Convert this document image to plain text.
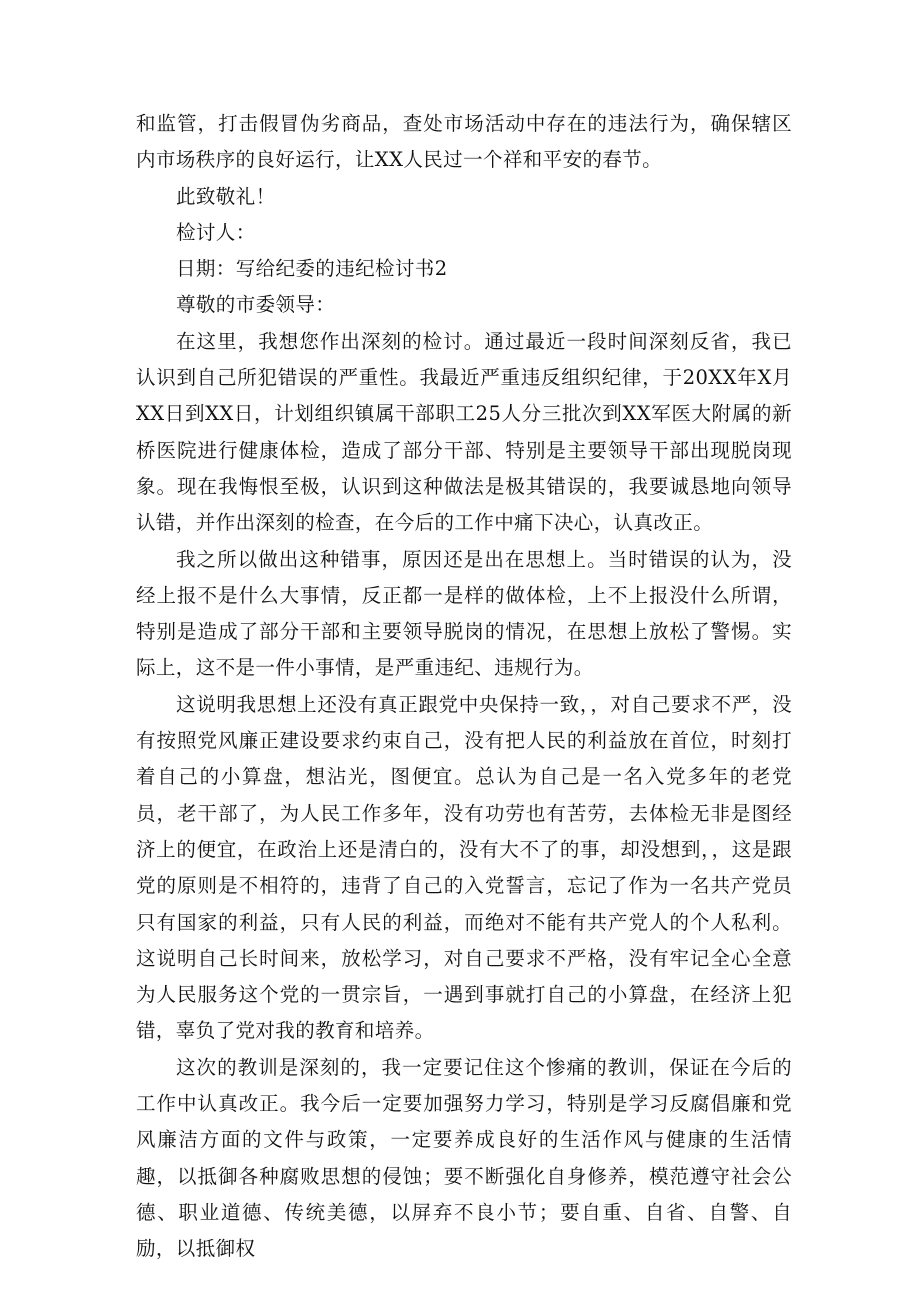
和监管，打击假冒伪劣商品，查处市场活动中存在的违法行为，确保辖区内市场秩序的良好运行，让XX人民过一个祥和平安的春节。
此致敬礼！
检讨人：
日期：写给纪委的违纪检讨书2
尊敬的市委领导：
在这里，我想您作出深刻的检讨。通过最近一段时间深刻反省，我已认识到自己所犯错误的严重性。我最近严重违反组织纪律，于20XX年X月XX日到XX日，计划组织镇属干部职工25人分三批次到XX军医大附属的新桥医院进行健康体检，造成了部分干部、特别是主要领导干部出现脱岗现象。现在我悔恨至极，认识到这种做法是极其错误的，我要诚恳地向领导认错，并作出深刻的检查，在今后的工作中痛下决心，认真改正。
我之所以做出这种错事，原因还是出在思想上。当时错误的认为，没经上报不是什么大事情，反正都一是样的做体检，上不上报没什么所谓，特别是造成了部分干部和主要领导脱岗的情况，在思想上放松了警惕。实际上，这不是一件小事情，是严重违纪、违规行为。
这说明我思想上还没有真正跟党中央保持一致，，对自己要求不严，没有按照党风廉正建设要求约束自己，没有把人民的利益放在首位，时刻打着自己的小算盘，想沾光，图便宜。总认为自己是一名入党多年的老党员，老干部了，为人民工作多年，没有功劳也有苦劳，去体检无非是图经济上的便宜，在政治上还是清白的，没有大不了的事，却没想到，，这是跟党的原则是不相符的，违背了自己的入党誓言，忘记了作为一名共产党员只有国家的利益，只有人民的利益，而绝对不能有共产党人的个人私利。这说明自己长时间来，放松学习，对自己要求不严格，没有牢记全心全意为人民服务这个党的一贯宗旨，一遇到事就打自己的小算盘，在经济上犯错，辜负了党对我的教育和培养。
这次的教训是深刻的，我一定要记住这个惨痛的教训，保证在今后的工作中认真改正。我今后一定要加强努力学习，特别是学习反腐倡廉和党风廉洁方面的文件与政策，一定要养成良好的生活作风与健康的生活情趣，以抵御各种腐败思想的侵蚀；要不断强化自身修养，模范遵守社会公德、职业道德、传统美德，以屏弃不良小节；要自重、自省、自警、自励，以抵御权
